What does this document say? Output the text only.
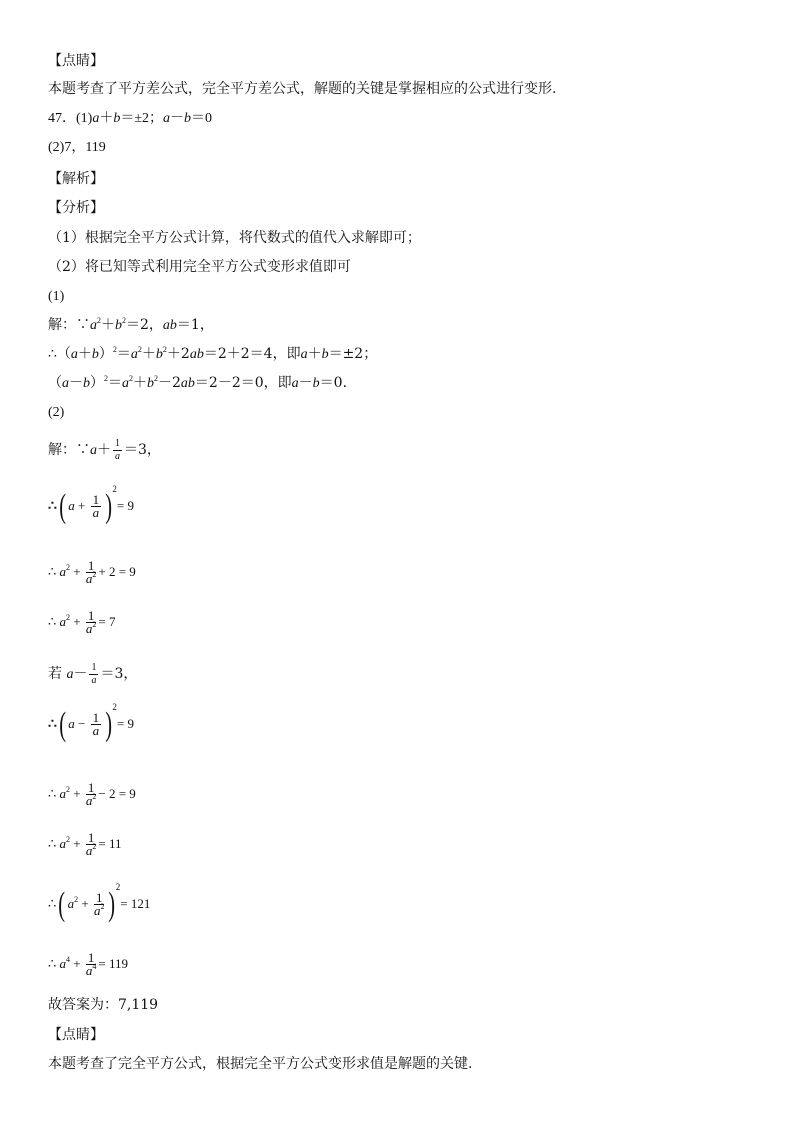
【点睛】
本题考查了平方差公式，完全平方差公式，解题的关键是掌握相应的公式进行变形.
47．(1)a＋b＝±2；a－b＝0
(2)7，119
【解析】
【分析】
（1）根据完全平方公式计算，将代数式的值代入求解即可；
（2）将已知等式利用完全平方公式变形求值即可
(1)
解：$\because a^2+b^2=2$，ab＝1，
$\therefore(a+b)^2=a^2+b^2+2ab=2+2=4$，即a＋b＝±2；
$(a-b)^2=a^2+b^2-2ab=2-2=0$，即a－b＝0.
(2)
解：∵a＋ $\frac{1}{a} =3$，
∴( $a + \frac{1}{a} )^2= 9$
∴ $a^2 + \frac{1}{a^2} + 2 = 9$
∴ $a^2 + \frac{1}{a^2} = 7$
若 $a- \frac{1}{a} =3$，
∴( $a - \frac{1}{a} )^2= 9$
∴ $a^2 + \frac{1}{a^2} - 2 = 9$
∴ $a^2 + \frac{1}{a^2} = 11$
∴( $a^2 + \frac{1}{a^2} )^2= 121$
∴ $a^4 + \frac{1}{a^4} = 119$
故答案为：7,119
【点睛】
本题考查了完全平方公式，根据完全平方公式变形求值是解题的关键.
